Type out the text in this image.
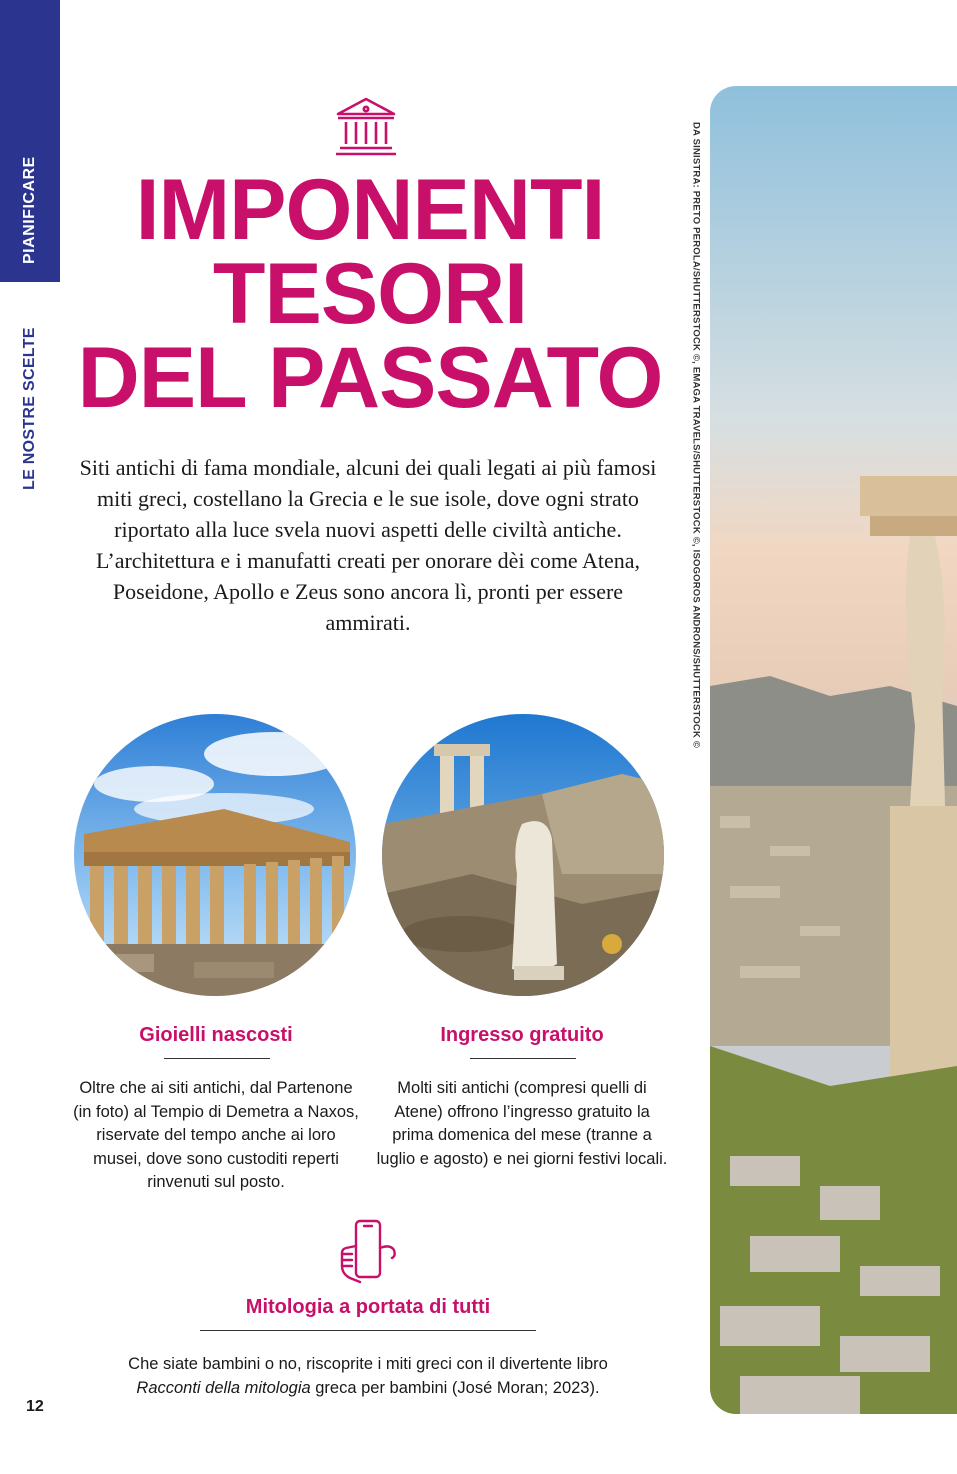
PIANIFICARE
LE NOSTRE SCELTE
IMPONENTI
TESORI
DEL PASSATO

Siti antichi di fama mondiale, alcuni dei quali legati ai più famosi miti greci, costellano la Grecia e le sue isole, dove ogni strato riportato alla luce svela nuovi aspetti delle civiltà antiche. L’architettura e i manufatti creati per onorare dèi come Atena, Poseidone, Apollo e Zeus sono ancora lì, pronti per essere ammirati.

Gioielli nascosti

Oltre che ai siti antichi, dal Partenone (in foto) al Tempio di Demetra a Naxos, riservate del tempo anche ai loro musei, dove sono custoditi reperti rinvenuti sul posto.

Ingresso gratuito

Molti siti antichi (compresi quelli di Atene) offrono l’ingresso gratuito la prima domenica del mese (tranne a luglio e agosto) e nei giorni festivi locali.

Mitologia a portata di tutti

Che siate bambini o no, riscoprite i miti greci con il divertente libro Racconti della mitologia greca per bambini (José Moran; 2023).

12
DA SINISTRA: PRETO PEROLA/SHUTTERSTOCK ©, EMAGA TRAVELS/SHUTTERSTOCK ©, ISOGOROS ANDRONS/SHUTTERSTOCK ©
